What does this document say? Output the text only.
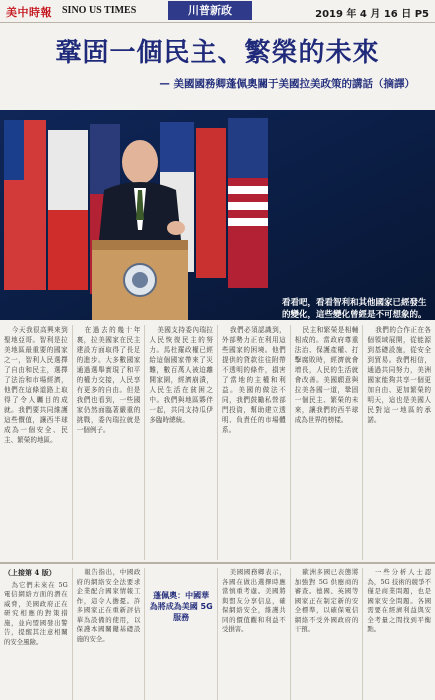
美中時報 SINO US TIMES	川普新政	2019 年 4 月 16 日 P5
鞏固一個民主、繁榮的未來
— 美國國務卿蓬佩奧關于美國拉美政策的講話（摘譯）
看看吧，看看智利和其他國家已經發生的變化，這些變化曾經是不可想象的。

今天我很高興來到聖地亞哥。智利是拉美地區最重要的國家之一，智利人民選擇了自由和民主，選擇了法治和市場經濟，他們在這條道路上取得了令人矚目的成就。我們要共同維護這些價值，讓西半球成為一個安全、民主、繁榮的地區。

在過去的幾十年裏，拉美國家在民主建設方面取得了長足的進步。大多數國家通過選舉實現了和平的權力交接，人民享有更多的自由。但是我們也看到，一些國家仍然面臨著嚴重的挑戰，委內瑞拉就是一個例子。

美國支持委內瑞拉人民恢復民主的努力。馬杜羅政權已經給這個國家帶來了災難，數百萬人被迫離開家園，經濟崩潰，人民生活在貧困之中。我們與地區夥伴一起，共同支持瓜伊多臨時總統。

我們必須認識到，外部勢力正在利用這些國家的困境。他們提供的貸款往往附帶不透明的條件，損害了當地的主權和利益。美國的做法不同，我們鼓勵私營部門投資，幫助建立透明、負責任的市場體系。

民主和繁榮是相輔相成的。當政府尊重法治、保護產權、打擊腐敗時，經濟就會增長，人民的生活就會改善。美國願意與拉美各國一道，鞏固一個民主、繁榮的未來，讓我們的西半球成為世界的榜樣。

我們的合作正在各個領域展開，從能源到基礎設施，從安全到貿易。我們相信，通過共同努力，美洲國家能夠共享一個更加自由、更加繁榮的明天，這也是美國人民對這一地區的承諾。

（上接第 4 版）

為它們未來在 5G 電信網絡方面的潛在威脅，美國政府正在研究相應的對策措施，並向盟國發出警告，提醒其注意相關的安全風險。

報告指出，中國政府的網絡安全法要求企業配合國家情報工作，這令人擔憂。許多國家正在重新評估華為設備的使用，以保護本國關鍵基礎設施的安全。

蓬佩奧：中國華為將成為美國 5G 服務

美國國務卿表示，各國在做出選擇時應當慎重考慮。美國將與盟友分享信息，確保網絡安全，維護共同的價值觀和利益不受損害。

歐洲多國已表態將加強對 5G 供應商的審查。德國、英國等國家正在制定新的安全標準，以確保電信網絡不受外國政府的干預。

一些分析人士認為，5G 技術的競爭不僅是商業問題，也是國家安全問題。各國需要在經濟利益與安全考量之間找到平衡點。
